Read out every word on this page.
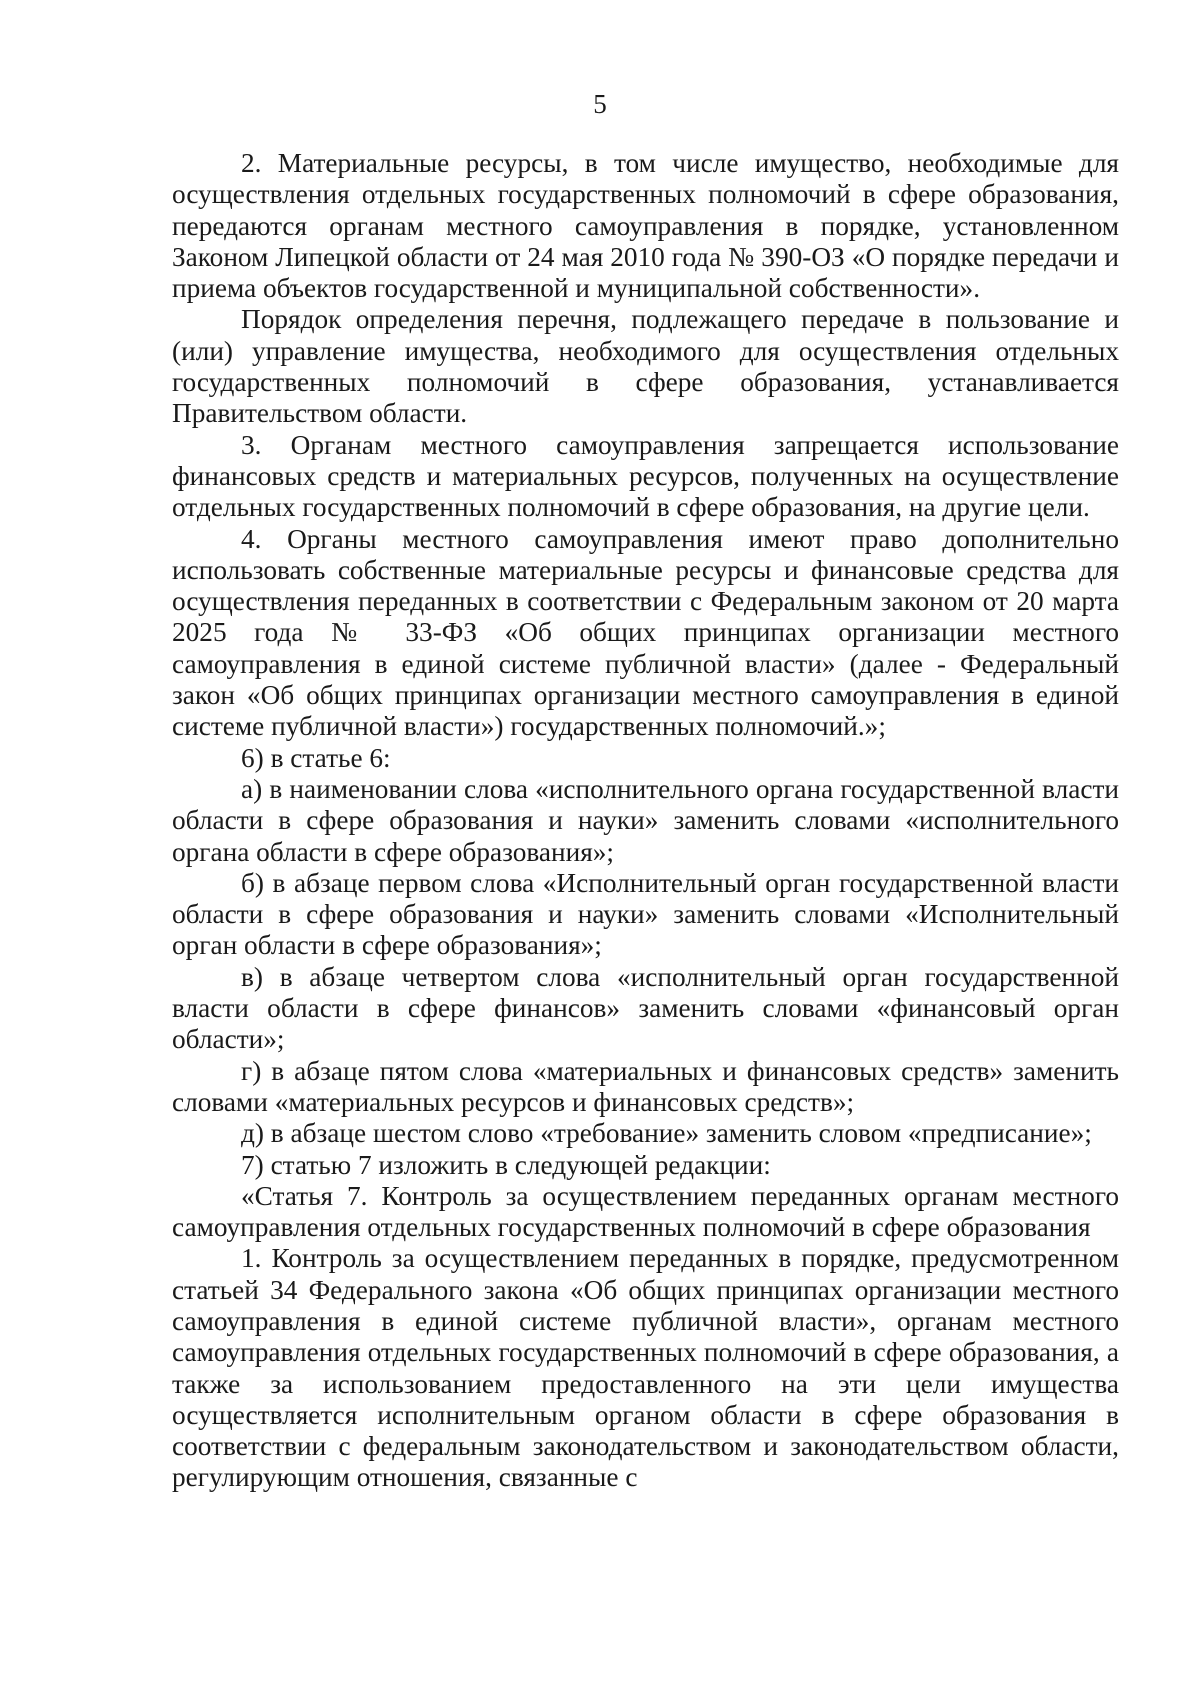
5

2. Материальные ресурсы, в том числе имущество, необходимые для осуществления отдельных государственных полномочий в сфере образования, передаются органам местного самоуправления в порядке, установленном Законом Липецкой области от 24 мая 2010 года № 390-ОЗ «О порядке передачи и приема объектов государственной и муниципальной собственности».

Порядок определения перечня, подлежащего передаче в пользование и (или) управление имущества, необходимого для осуществления отдельных государственных полномочий в сфере образования, устанавливается Правительством области.

3. Органам местного самоуправления запрещается использование финансовых средств и материальных ресурсов, полученных на осуществление отдельных государственных полномочий в сфере образования, на другие цели.

4. Органы местного самоуправления имеют право дополнительно использовать собственные материальные ресурсы и финансовые средства для осуществления переданных в соответствии с Федеральным законом от 20 марта 2025 года № 33-ФЗ «Об общих принципах организации местного самоуправления в единой системе публичной власти» (далее - Федеральный закон «Об общих принципах организации местного самоуправления в единой системе публичной власти») государственных полномочий.»;

6) в статье 6:

а) в наименовании слова «исполнительного органа государственной власти области в сфере образования и науки» заменить словами «исполнительного органа области в сфере образования»;

б) в абзаце первом слова «Исполнительный орган государственной власти области в сфере образования и науки» заменить словами «Исполнительный орган области в сфере образования»;

в) в абзаце четвертом слова «исполнительный орган государственной власти области в сфере финансов» заменить словами «финансовый орган области»;

г) в абзаце пятом слова «материальных и финансовых средств» заменить словами «материальных ресурсов и финансовых средств»;

д) в абзаце шестом слово «требование» заменить словом «предписание»;

7) статью 7 изложить в следующей редакции:

«Статья 7. Контроль за осуществлением переданных органам местного самоуправления отдельных государственных полномочий в сфере образования

1. Контроль за осуществлением переданных в порядке, предусмотренном статьей 34 Федерального закона «Об общих принципах организации местного самоуправления в единой системе публичной власти», органам местного самоуправления отдельных государственных полномочий в сфере образования, а также за использованием предоставленного на эти цели имущества осуществляется исполнительным органом области в сфере образования в соответствии с федеральным законодательством и законодательством области, регулирующим отношения, связанные с
